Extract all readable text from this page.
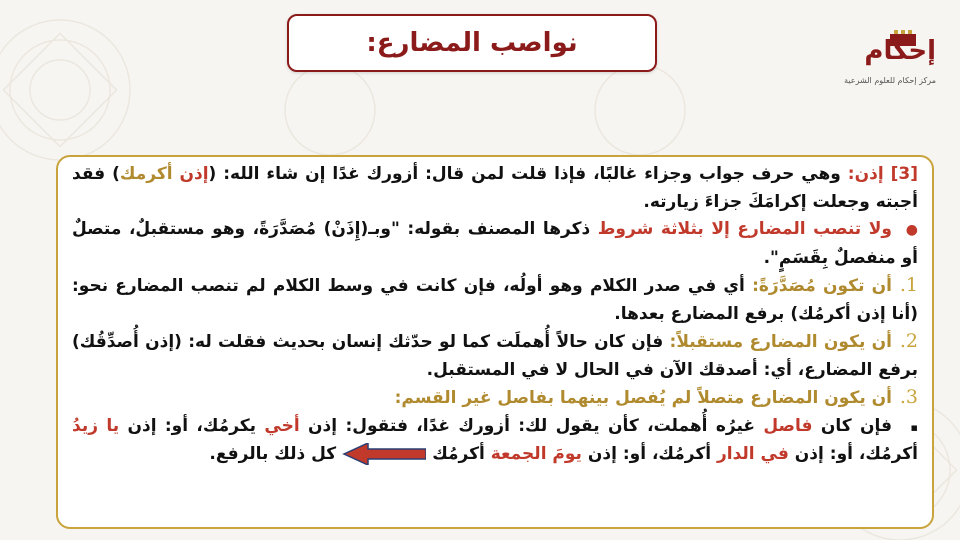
نواصب المضارع:	إحكام
مركز إحكام للعلوم الشرعية

[3] إذن: وهي حرف جواب وجزاء غالبًا، فإذا قلت لمن قال: أزورك غدًا إن شاء الله: (إذن أكرمك) فقد أجبته وجعلت إكرامَكَ جزاءَ زيارته.

●ولا تنصب المضارع إلا بثلاثة شروط ذكرها المصنف بقوله: "وبـ(إِذَنْ) مُصَدَّرَةً، وهو مستقبلٌ، متصلٌ أو منفصلٌ بِقَسَمٍ".

1.أن تكون مُصَدَّرَةً: أي في صدر الكلام وهو أولُه، فإن كانت في وسط الكلام لم تنصب المضارع نحو: (أنا إذن أكرمُك) برفع المضارع بعدها.

2.أن يكون المضارع مستقبلاً: فإن كان حالاً أُهملَت كما لو حدّثك إنسان بحديث فقلت له: (إذن أُصدِّقُك) برفع المضارع، أي: أصدقك الآن في الحال لا في المستقبل.

3.أن يكون المضارع متصلاً لم يُفصل بينهما بفاصل غير القسم:

▪فإن كان فاصل غيرُه أُهملت، كأن يقول لك: أزورك غدًا، فتقول: إذن أخي يكرمُك، أو: إذن يا زيدُ أكرمُك، أو: إذن في الدار أكرمُك، أو: إذن يومَ الجمعة أكرمُككل ذلك بالرفع.
